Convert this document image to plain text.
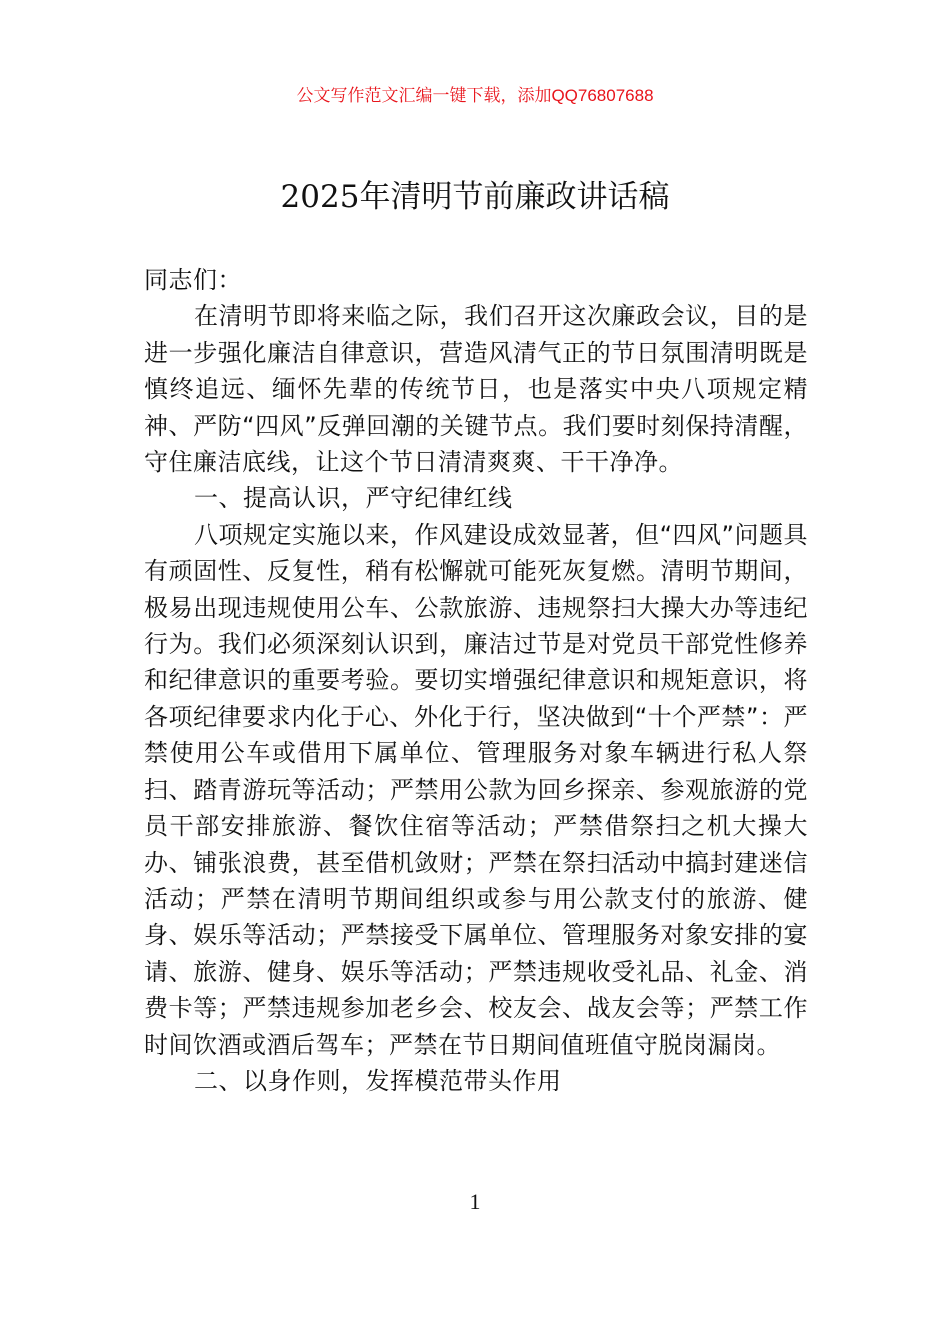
公文写作范文汇编一键下载，添加QQ76807688
2025年清明节前廉政讲话稿

同志们：

在清明节即将来临之际，我们召开这次廉政会议，目的是进一步强化廉洁自律意识，营造风清气正的节日氛围清明既是慎终追远、缅怀先辈的传统节日，也是落实中央八项规定精神、严防“四风”反弹回潮的关键节点。我们要时刻保持清醒，守住廉洁底线，让这个节日清清爽爽、干干净净。

一、提高认识，严守纪律红线

八项规定实施以来，作风建设成效显著，但“四风”问题具有顽固性、反复性，稍有松懈就可能死灰复燃。清明节期间，极易出现违规使用公车、公款旅游、违规祭扫大操大办等违纪行为。我们必须深刻认识到，廉洁过节是对党员干部党性修养和纪律意识的重要考验。要切实增强纪律意识和规矩意识，将各项纪律要求内化于心、外化于行，坚决做到“十个严禁”：严禁使用公车或借用下属单位、管理服务对象车辆进行私人祭扫、踏青游玩等活动；严禁用公款为回乡探亲、参观旅游的党员干部安排旅游、餐饮住宿等活动；严禁借祭扫之机大操大办、铺张浪费，甚至借机敛财；严禁在祭扫活动中搞封建迷信活动；严禁在清明节期间组织或参与用公款支付的旅游、健身、娱乐等活动；严禁接受下属单位、管理服务对象安排的宴请、旅游、健身、娱乐等活动；严禁违规收受礼品、礼金、消费卡等；严禁违规参加老乡会、校友会、战友会等；严禁工作时间饮酒或酒后驾车；严禁在节日期间值班值守脱岗漏岗。

二、以身作则，发挥模范带头作用

1
